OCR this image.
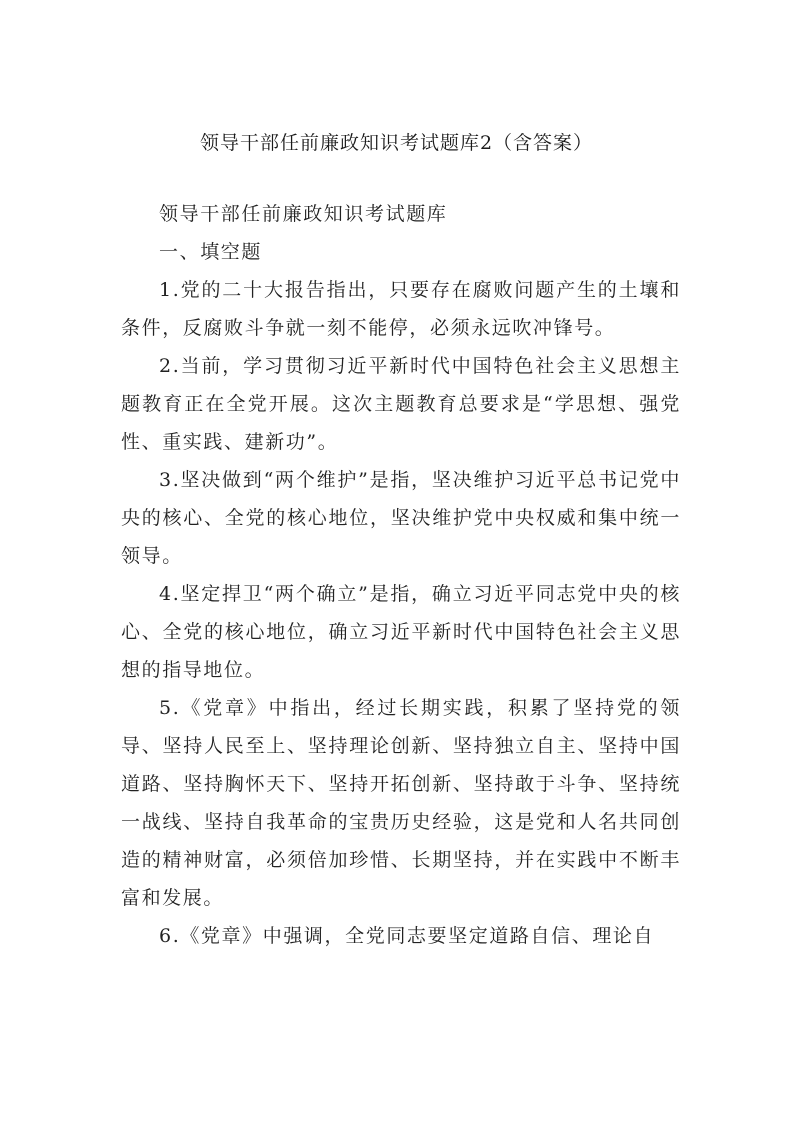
领导干部任前廉政知识考试题库2（含答案）

领导干部任前廉政知识考试题库

一、填空题

1.党的二十大报告指出，只要存在腐败问题产生的土壤和条件，反腐败斗争就一刻不能停，必须永远吹冲锋号。

2.当前，学习贯彻习近平新时代中国特色社会主义思想主题教育正在全党开展。这次主题教育总要求是“学思想、强党性、重实践、建新功”。

3.坚决做到“两个维护”是指，坚决维护习近平总书记党中央的核心、全党的核心地位，坚决维护党中央权威和集中统一领导。

4.坚定捍卫“两个确立”是指，确立习近平同志党中央的核心、全党的核心地位，确立习近平新时代中国特色社会主义思想的指导地位。

5.《党章》中指出，经过长期实践，积累了坚持党的领导、坚持人民至上、坚持理论创新、坚持独立自主、坚持中国道路、坚持胸怀天下、坚持开拓创新、坚持敢于斗争、坚持统一战线、坚持自我革命的宝贵历史经验，这是党和人名共同创造的精神财富，必须倍加珍惜、长期坚持，并在实践中不断丰富和发展。

6.《党章》中强调，全党同志要坚定道路自信、理论自
